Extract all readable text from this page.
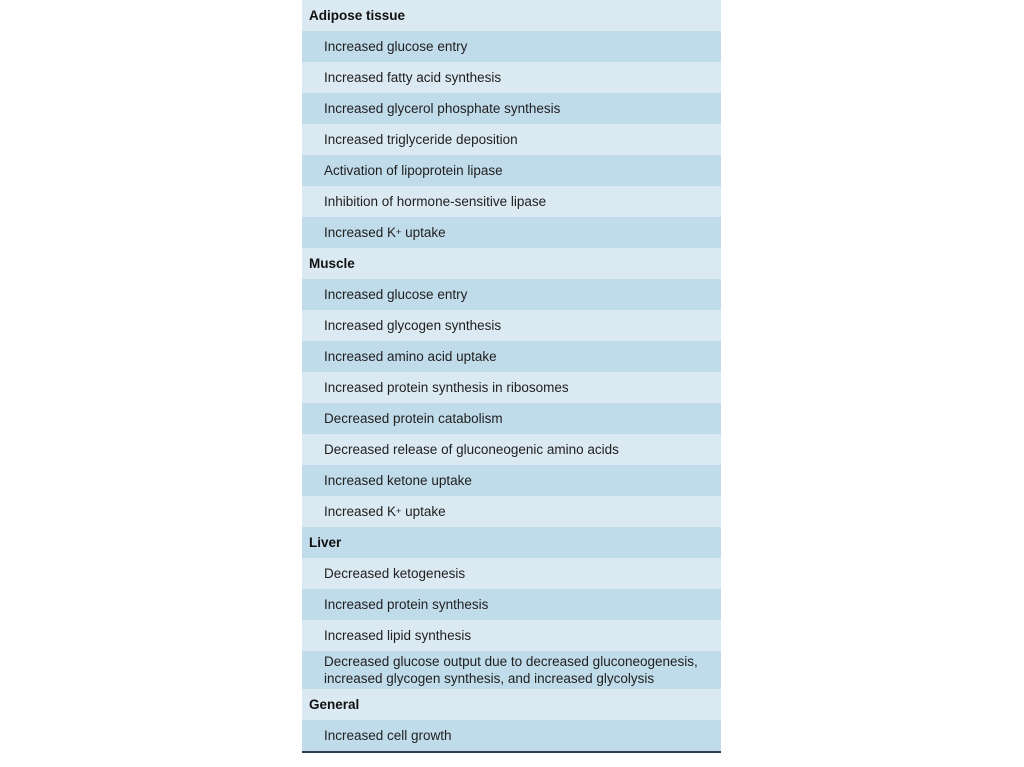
Adipose tissue
Increased glucose entry
Increased fatty acid synthesis
Increased glycerol phosphate synthesis
Increased triglyceride deposition
Activation of lipoprotein lipase
Inhibition of hormone-sensitive lipase
Increased K+ uptake
Muscle
Increased glucose entry
Increased glycogen synthesis
Increased amino acid uptake
Increased protein synthesis in ribosomes
Decreased protein catabolism
Decreased release of gluconeogenic amino acids
Increased ketone uptake
Increased K+ uptake
Liver
Decreased ketogenesis
Increased protein synthesis
Increased lipid synthesis
Decreased glucose output due to decreased gluconeogenesis, increased glycogen synthesis, and increased glycolysis
General
Increased cell growth
